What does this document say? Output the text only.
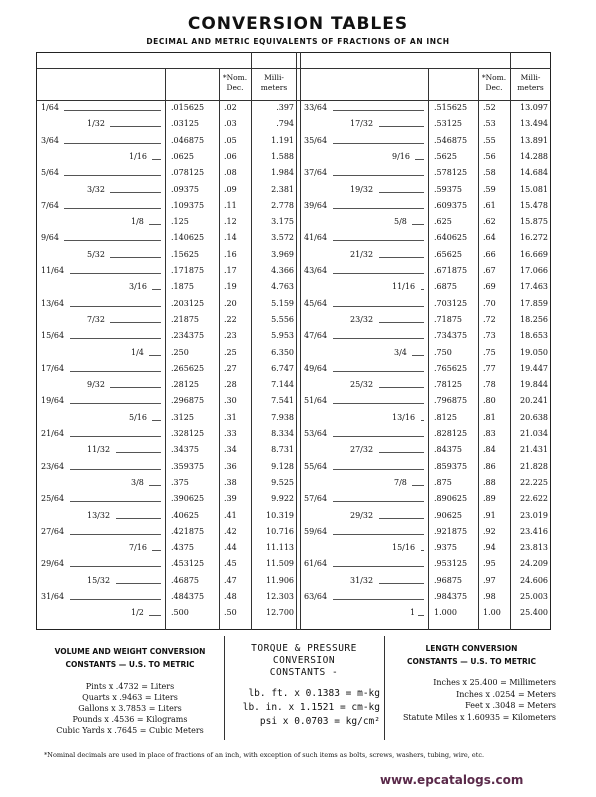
CONVERSION TABLES
DECIMAL AND METRIC EQUIVALENTS OF FRACTIONS OF AN INCH
*Nom.
Dec.
Milli-
meters
1/64	.015625 .02	.397
1/32	.03125	.03	.794
3/64	.046875 .05	1.191
1/16	.0625	.06	1.588
5/64	.078125 .08	1.984
3/32	.09375	.09	2.381
7/64	.109375 .11	2.778
1/8	.125	.12	3.175
9/64	.140625 .14	3.572
5/32	.15625	.16	3.969
11/64	.171875 .17	4.366
3/16	.1875	.19	4.763
13/64	.203125 .20	5.159
7/32	.21875	.22	5.556
15/64	.234375 .23	5.953
1/4	.250	.25	6.350
17/64	.265625 .27	6.747
9/32	.28125	.28	7.144
19/64	.296875 .30	7.541
5/16	.3125	.31	7.938
21/64	.328125 .33	8.334
11/32	.34375	.34	8.731
23/64	.359375 .36	9.128
3/8	.375	.38	9.525
25/64	.390625 .39	9.922
13/32	.40625	.41	10.319
27/64	.421875 .42	10.716
7/16	.4375	.44	11.113
29/64	.453125 .45	11.509
15/32	.46875	.47	11.906
31/64	.484375 .48	12.303
1/2	.500	.50	12.700
*Nom.
Dec.
Milli-
meters
33/64	.515625 .52	13.097
17/32	.53125	.53	13.494
35/64	.546875 .55	13.891
9/16	.5625	.56	14.288
37/64	.578125 .58	14.684
19/32	.59375	.59	15.081
39/64	.609375 .61	15.478
5/8	.625	.62	15.875
41/64	.640625 .64	16.272
21/32	.65625	.66	16.669
43/64	.671875 .67	17.066
11/16 .6875	.69	17.463
45/64	.703125 .70	17.859
23/32	.71875	.72	18.256
47/64	.734375 .73	18.653
3/4	.750	.75	19.050
49/64	.765625 .77	19.447
25/32	.78125	.78	19.844
51/64	.796875 .80	20.241
13/16 .8125	.81	20.638
53/64	.828125 .83	21.034
27/32	.84375	.84	21.431
55/64	.859375 .86	21.828
7/8	.875	.88	22.225
57/64	.890625 .89	22.622
29/32	.90625	.91	23.019
59/64	.921875 .92	23.416
15/16 .9375	.94	23.813
61/64	.953125 .95	24.209
31/32	.96875	.97	24.606
63/64	.984375 .98	25.003
1 1.000	1.00	25.400
VOLUME AND WEIGHT CONVERSION
CONSTANTS — U.S. TO METRIC
Pints x .4732 = Liters
Quarts x .9463 = Liters
Gallons x 3.7853 = Liters
Pounds x .4536 = Kilograms
Cubic Yards x .7645 = Cubic Meters
TORQUE & PRESSURE
CONVERSION
CONSTANTS -
lb. ft. x 0.1383 = m-kg
lb. in. x 1.1521 = cm-kg
psi x 0.0703 = kg/cm²
LENGTH CONVERSION
CONSTANTS — U.S. TO METRIC
Inches x 25.400 = Millimeters
Inches x .0254 = Meters
Feet x .3048 = Meters
Statute Miles x 1.60935 = Kilometers
*Nominal decimals are used in place of fractions of an inch, with exception of such items as bolts, screws, washers, tubing, wire, etc.
www.epcatalogs.com
